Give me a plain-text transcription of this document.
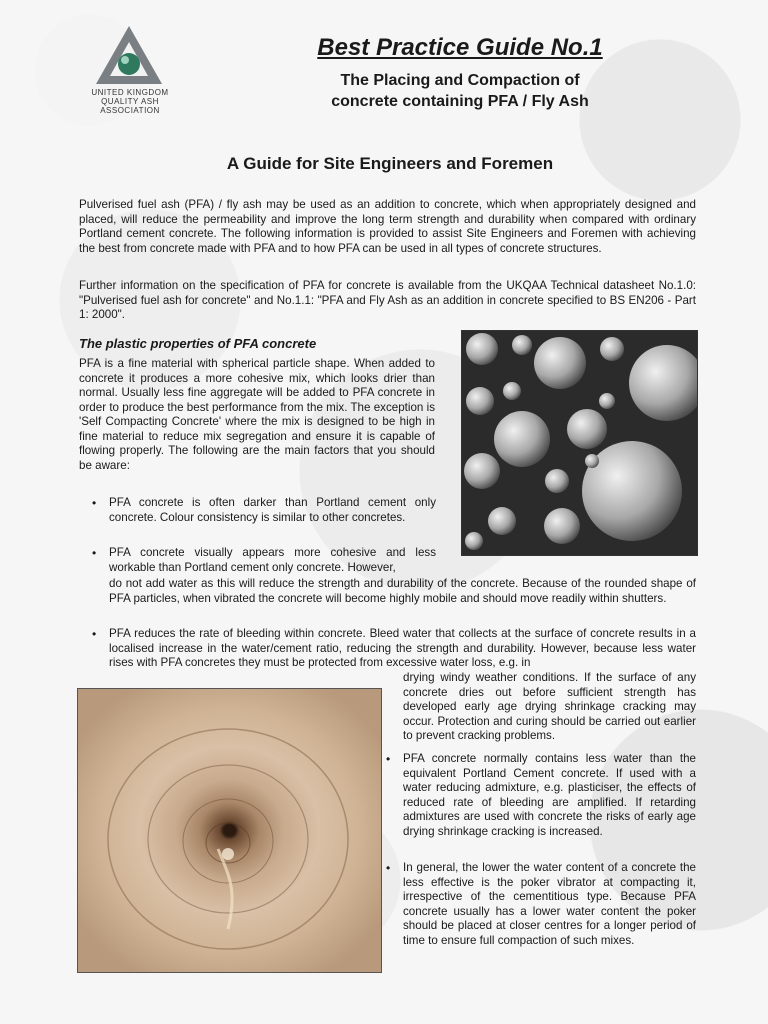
UNITED KINGDOM
QUALITY ASH
ASSOCIATION
Best Practice Guide No.1
The Placing and Compaction of
concrete containing PFA / Fly Ash
A Guide for Site Engineers and Foremen
Pulverised fuel ash (PFA) / fly ash may be used as an addition to concrete, which when appropriately designed and placed, will reduce the permeability and improve the long term strength and durability when compared with ordinary Portland cement concrete. The following information is provided to assist Site Engineers and Foremen with achieving the best from concrete made with PFA and to how PFA can be used in all types of concrete structures.
Further information on the specification of PFA for concrete is available from the UKQAA Technical datasheet No.1.0: "Pulverised fuel ash for concrete" and No.1.1: "PFA and Fly Ash as an addition in concrete specified to BS EN206 - Part 1: 2000".
The plastic properties of PFA concrete
PFA is a fine material with spherical particle shape. When added to concrete it produces a more cohesive mix, which looks drier than normal. Usually less fine aggregate will be added to PFA concrete in order to produce the best performance from the mix. The exception is 'Self Compacting Concrete' where the mix is designed to be high in fine material to reduce mix segregation and ensure it is capable of flowing properly. The following are the main factors that you should be aware:
• PFA concrete is often darker than Portland cement only concrete. Colour consistency is similar to other concretes.
• PFA concrete visually appears more cohesive and less workable than Portland cement only concrete. However,
do not add water as this will reduce the strength and durability of the concrete. Because of the rounded shape of PFA particles, when vibrated the concrete will become highly mobile and should move readily within shutters.
• PFA reduces the rate of bleeding within concrete. Bleed water that collects at the surface of concrete results in a localised increase in the water/cement ratio, reducing the strength and durability. However, because less water rises with PFA concretes they must be protected from excessive water loss, e.g. in
drying windy weather conditions. If the surface of any concrete dries out before sufficient strength has developed early age drying shrinkage cracking may occur. Protection and curing should be carried out earlier to prevent cracking problems.
• PFA concrete normally contains less water than the equivalent Portland Cement concrete. If used with a water reducing admixture, e.g. plasticiser, the effects of reduced rate of bleeding are amplified. If retarding admixtures are used with concrete the risks of early age drying shrinkage cracking is increased.
• In general, the lower the water content of a concrete the less effective is the poker vibrator at compacting it, irrespective of the cementitious type. Because PFA concrete usually has a lower water content the poker should be placed at closer centres for a longer period of time to ensure full compaction of such mixes.
